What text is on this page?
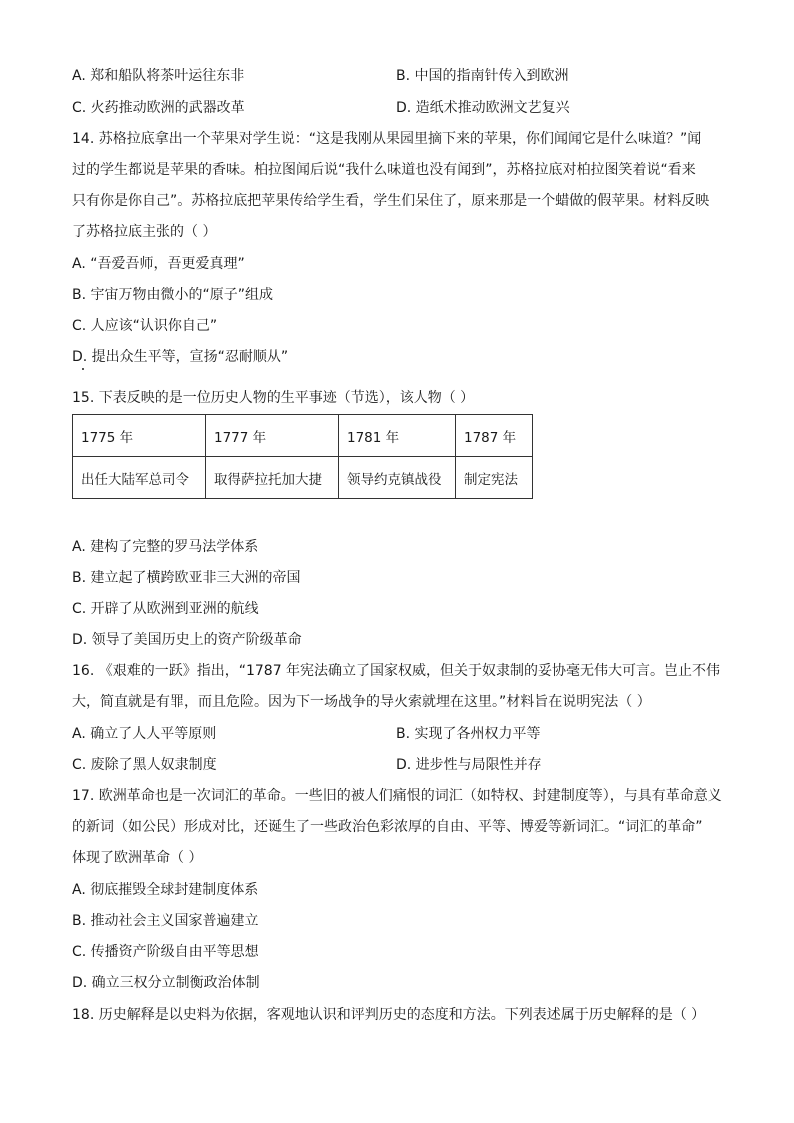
A. 郑和船队将茶叶运往东非	B. 中国的指南针传入到欧洲
C. 火药推动欧洲的武器改革	D. 造纸术推动欧洲文艺复兴
14. 苏格拉底拿出一个苹果对学生说：“这是我刚从果园里摘下来的苹果，你们闻闻它是什么味道？”闻
过的学生都说是苹果的香味。柏拉图闻后说“我什么味道也没有闻到”，苏格拉底对柏拉图笑着说“看来
只有你是你自己”。苏格拉底把苹果传给学生看，学生们呆住了，原来那是一个蜡做的假苹果。材料反映
了苏格拉底主张的（ ）
A. “吾爱吾师，吾更爱真理”
B. 宇宙万物由微小的“原子”组成
C. 人应该“认识你自己”
D. 提出众生平等，宣扬“忍耐顺从”
15. 下表反映的是一位历史人物的生平事迹（节选），该人物（ ）
1775 年	1777 年	1781 年	1787 年
出任大陆军总司令	取得萨拉托加大捷	领导约克镇战役	制定宪法
A. 建构了完整的罗马法学体系
B. 建立起了横跨欧亚非三大洲的帝国
C. 开辟了从欧洲到亚洲的航线
D. 领导了美国历史上的资产阶级革命
16. 《艰难的一跃》指出，“1787 年宪法确立了国家权威，但关于奴隶制的妥协毫无伟大可言。岂止不伟
大，简直就是有罪，而且危险。因为下一场战争的导火索就埋在这里。”材料旨在说明宪法（ ）
A. 确立了人人平等原则	B. 实现了各州权力平等
C. 废除了黑人奴隶制度	D. 进步性与局限性并存
17. 欧洲革命也是一次词汇的革命。一些旧的被人们痛恨的词汇（如特权、封建制度等），与具有革命意义
的新词（如公民）形成对比，还诞生了一些政治色彩浓厚的自由、平等、博爱等新词汇。“词汇的革命”
体现了欧洲革命（ ）
A. 彻底摧毁全球封建制度体系
B. 推动社会主义国家普遍建立
C. 传播资产阶级自由平等思想
D. 确立三权分立制衡政治体制
18. 历史解释是以史料为依据，客观地认识和评判历史的态度和方法。下列表述属于历史解释的是（ ）
